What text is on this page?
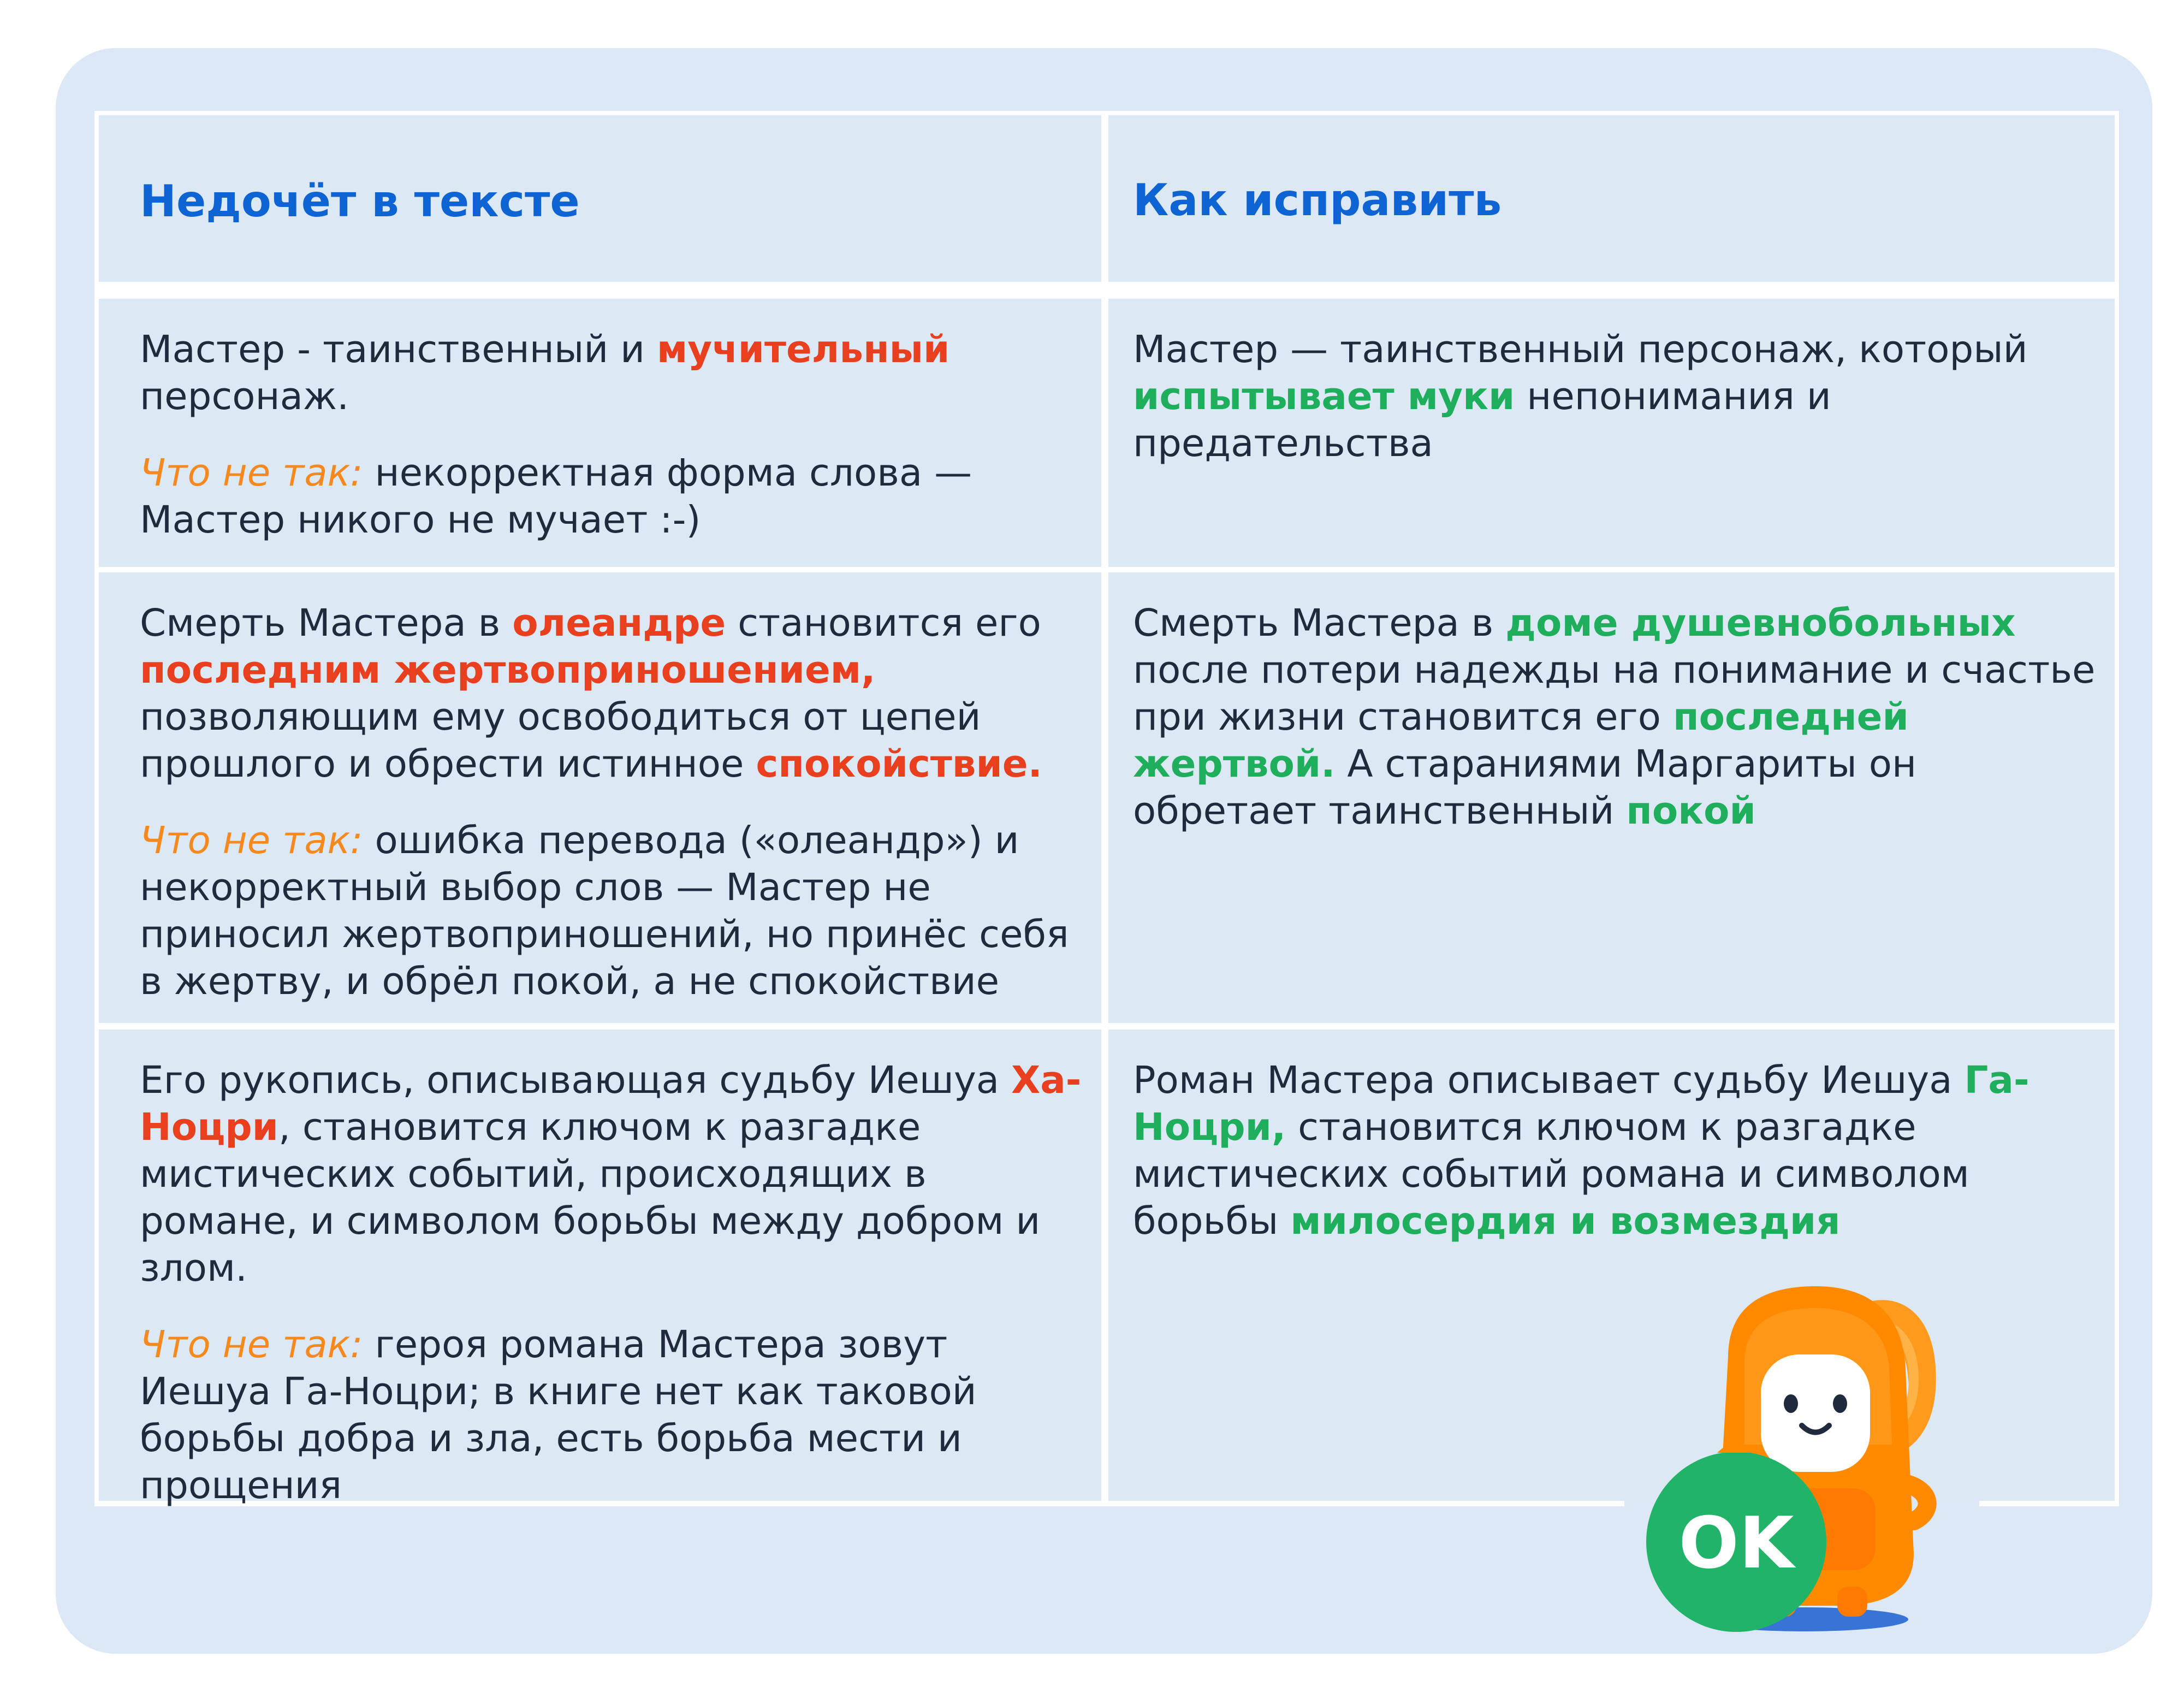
Недочёт в тексте	Как исправить

Мастер - таинственный и мучительный персонаж.

Что не так: некорректная форма слова — Мастер никого не мучает :-)

Мастер — таинственный персонаж, который испытывает муки непонимания и предательства

Смерть Мастера в олеандре становится его последним жертвоприношением, позволяющим ему освободиться от цепей прошлого и обрести истинное спокойствие.

Что не так: ошибка перевода («олеандр») и некорректный выбор слов — Мастер не приносил жертвоприношений, но принёс себя в жертву, и обрёл покой, а не спокойствие

Смерть Мастера в доме душевнобольных после потери надежды на понимание и счастье при жизни становится его последней жертвой. А стараниями Маргариты он обретает таинственный покой

Его рукопись, описывающая судьбу Иешуа Ха-Ноцри, становится ключом к разгадке мистических событий, происходящих в романе, и символом борьбы между добром и злом.

Что не так: героя романа Мастера зовут Иешуа Га-Ноцри; в книге нет как таковой борьбы добра и зла, есть борьба мести и прощения

Роман Мастера описывает судьбу Иешуа Га-Ноцри, становится ключом к разгадке мистических событий романа и символом борьбы милосердия и возмездия

OK
